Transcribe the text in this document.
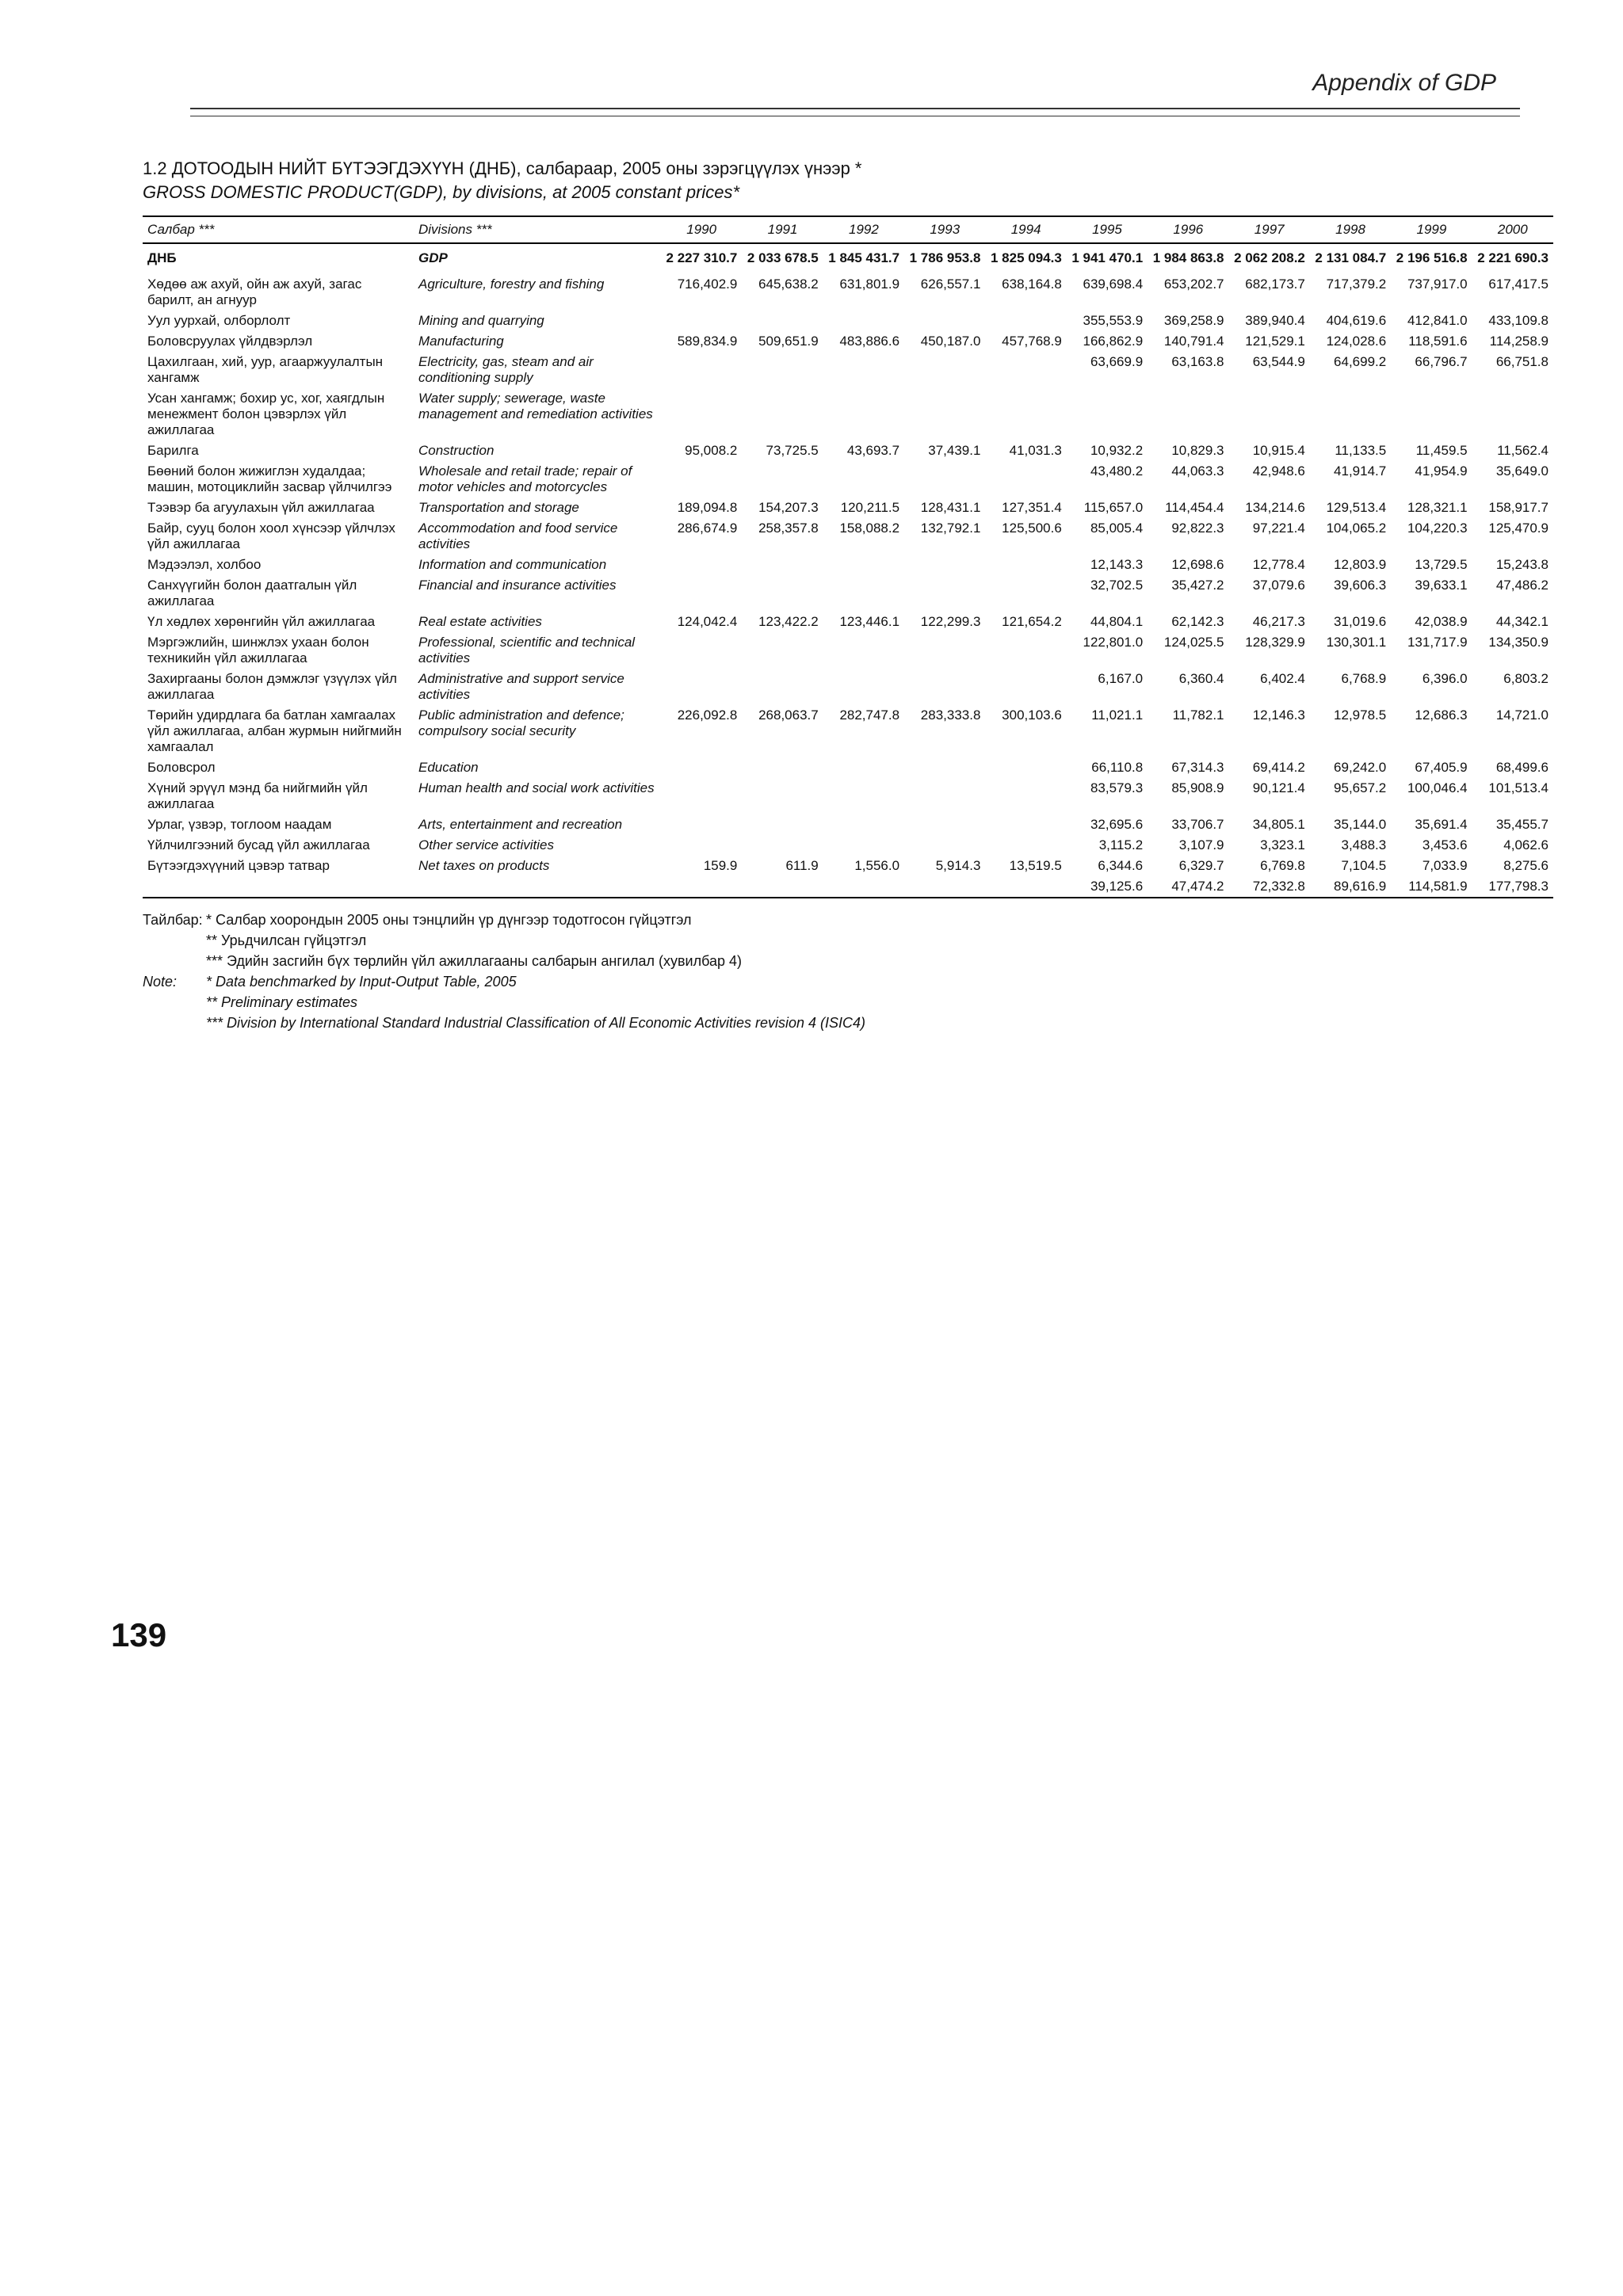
Appendix of GDP
139
1.2 ДОТООДЫН НИЙТ БҮТЭЭГДЭХҮҮН (ДНБ), салбараар, 2005 оны зэрэгцүүлэх үнээр *
GROSS DOMESTIC PRODUCT(GDP), by divisions, at 2005 constant prices*
Салбар ***	Divisions ***	1990	1991	1992	1993	1994	1995	1996	1997	1998	1999	2000
ДНБ	GDP	2 227 310.7	2 033 678.5	1 845 431.7	1 786 953.8	1 825 094.3	1 941 470.1	1 984 863.8	2 062 208.2	2 131 084.7	2 196 516.8	2 221 690.3
Хөдөө аж ахуй, ойн аж ахуй, загас барилт, ан агнуур	Agriculture, forestry and fishing	716,402.9	645,638.2	631,801.9	626,557.1	638,164.8	639,698.4	653,202.7	682,173.7	717,379.2	737,917.0	617,417.5
Уул уурхай, олборлолт	Mining and quarrying						355,553.9	369,258.9	389,940.4	404,619.6	412,841.0	433,109.8
Боловсруулах үйлдвэрлэл	Manufacturing	589,834.9	509,651.9	483,886.6	450,187.0	457,768.9	166,862.9	140,791.4	121,529.1	124,028.6	118,591.6	114,258.9
Цахилгаан, хий, уур, агааржуулалтын хангамж	Electricity, gas, steam and air conditioning supply						63,669.9	63,163.8	63,544.9	64,699.2	66,796.7	66,751.8
Усан хангамж; бохир ус, хог, хаягдлын менежмент болон цэвэрлэх үйл ажиллагаа	Water supply; sewerage, waste management and remediation activities											
Барилга	Construction	95,008.2	73,725.5	43,693.7	37,439.1	41,031.3	10,932.2	10,829.3	10,915.4	11,133.5	11,459.5	11,562.4
Бөөний болон жижиглэн худалдаа; машин, мотоциклийн засвар үйлчилгээ	Wholesale and retail trade; repair of motor vehicles and motorcycles						43,480.2	44,063.3	42,948.6	41,914.7	41,954.9	35,649.0
Тээвэр ба агуулахын үйл ажиллагаа	Transportation and storage	189,094.8	154,207.3	120,211.5	128,431.1	127,351.4	115,657.0	114,454.4	134,214.6	129,513.4	128,321.1	158,917.7
Байр, сууц болон хоол хүнсээр үйлчлэх үйл ажиллагаа	Accommodation and food service activities	286,674.9	258,357.8	158,088.2	132,792.1	125,500.6	85,005.4	92,822.3	97,221.4	104,065.2	104,220.3	125,470.9
Мэдээлэл, холбоо	Information and communication						12,143.3	12,698.6	12,778.4	12,803.9	13,729.5	15,243.8
Санхүүгийн болон даатгалын үйл ажиллагаа	Financial and insurance activities						32,702.5	35,427.2	37,079.6	39,606.3	39,633.1	47,486.2
Үл хөдлөх хөрөнгийн үйл ажиллагаа	Real estate activities	124,042.4	123,422.2	123,446.1	122,299.3	121,654.2	44,804.1	62,142.3	46,217.3	31,019.6	42,038.9	44,342.1
Мэргэжлийн, шинжлэх ухаан болон техникийн үйл ажиллагаа	Professional, scientific and technical activities						122,801.0	124,025.5	128,329.9	130,301.1	131,717.9	134,350.9
Захиргааны болон дэмжлэг үзүүлэх үйл ажиллагаа	Administrative and support service activities						6,167.0	6,360.4	6,402.4	6,768.9	6,396.0	6,803.2
Төрийн удирдлага ба батлан хамгаалах үйл ажиллагаа, албан журмын нийгмийн хамгаалал	Public administration and defence; compulsory social security	226,092.8	268,063.7	282,747.8	283,333.8	300,103.6	11,021.1	11,782.1	12,146.3	12,978.5	12,686.3	14,721.0
Боловсрол	Education						66,110.8	67,314.3	69,414.2	69,242.0	67,405.9	68,499.6
Хүний эрүүл мэнд ба нийгмийн үйл ажиллагаа	Human health and social work activities						83,579.3	85,908.9	90,121.4	95,657.2	100,046.4	101,513.4
Урлаг, үзвэр, тоглоом наадам	Arts, entertainment and recreation						32,695.6	33,706.7	34,805.1	35,144.0	35,691.4	35,455.7
Үйлчилгээний бусад үйл ажиллагаа	Other service activities						3,115.2	3,107.9	3,323.1	3,488.3	3,453.6	4,062.6
Бүтээгдэхүүний цэвэр татвар	Net taxes on products	159.9	611.9	1,556.0	5,914.3	13,519.5	6,344.6	6,329.7	6,769.8	7,104.5	7,033.9	8,275.6
							39,125.6	47,474.2	72,332.8	89,616.9	114,581.9	177,798.3
Тайлбар: * Салбар хоорондын 2005 оны тэнцлийн үр дүнгээр тодотгосон гүйцэтгэл
** Урьдчилсан гүйцэтгэл
*** Эдийн засгийн бүх төрлийн үйл ажиллагааны салбарын ангилал (хувилбар 4)
Note:	* Data benchmarked by Input-Output Table, 2005
** Preliminary estimates
*** Division by International Standard Industrial Classification of All Economic Activities revision 4 (ISIC4)
